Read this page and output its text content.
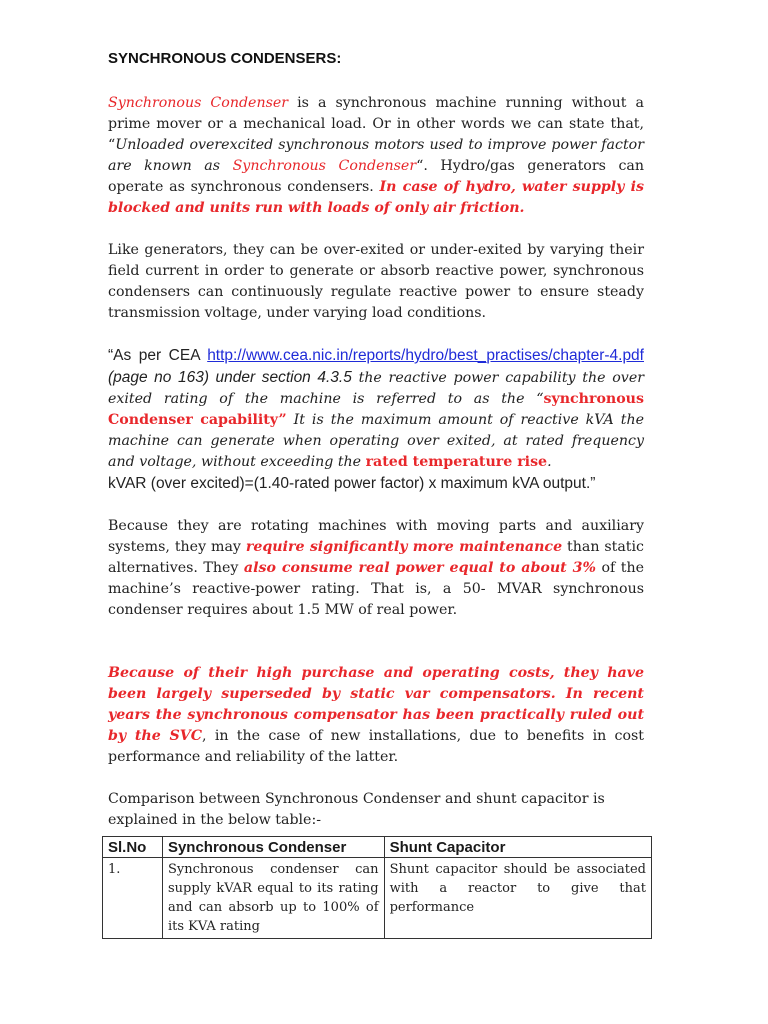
SYNCHRONOUS CONDENSERS:

Synchronous Condenser is a synchronous machine running without a prime mover or a mechanical load. Or in other words we can state that, “Unloaded overexcited synchronous motors used to improve power factor are known as Synchronous Condenser“. Hydro/gas generators can operate as synchronous condensers. In case of hydro, water supply is blocked and units run with loads of only air friction.

Like generators, they can be over-exited or under-exited by varying their field current in order to generate or absorb reactive power, synchronous condensers can continuously regulate reactive power to ensure steady transmission voltage, under varying load conditions.

“As per CEA http://www.cea.nic.in/reports/hydro/best_practises/chapter-4.pdf (page no 163) under section 4.3.5 the reactive power capability the over exited rating of the machine is referred to as the “synchronous Condenser capability” It is the maximum amount of reactive kVA the machine can generate when operating over exited, at rated frequency and voltage, without exceeding the rated temperature rise.
kVAR (over excited)=(1.40-rated power factor) x maximum kVA output.”

Because they are rotating machines with moving parts and auxiliary systems, they may require significantly more maintenance than static alternatives. They also consume real power equal to about 3% of the machine’s reactive-power rating. That is, a 50- MVAR synchronous condenser requires about 1.5 MW of real power.

Because of their high purchase and operating costs, they have been largely superseded by static var compensators. In recent years the synchronous compensator has been practically ruled out by the SVC, in the case of new installations, due to benefits in cost performance and reliability of the latter.

Comparison between Synchronous Condenser and shunt capacitor is explained in the below table:-

Sl.No	Synchronous Condenser	Shunt Capacitor
1.	Synchronous condenser can supply kVAR equal to its rating and can absorb up to 100% of its KVA rating	Shunt capacitor should be associated with a reactor to give that performance
